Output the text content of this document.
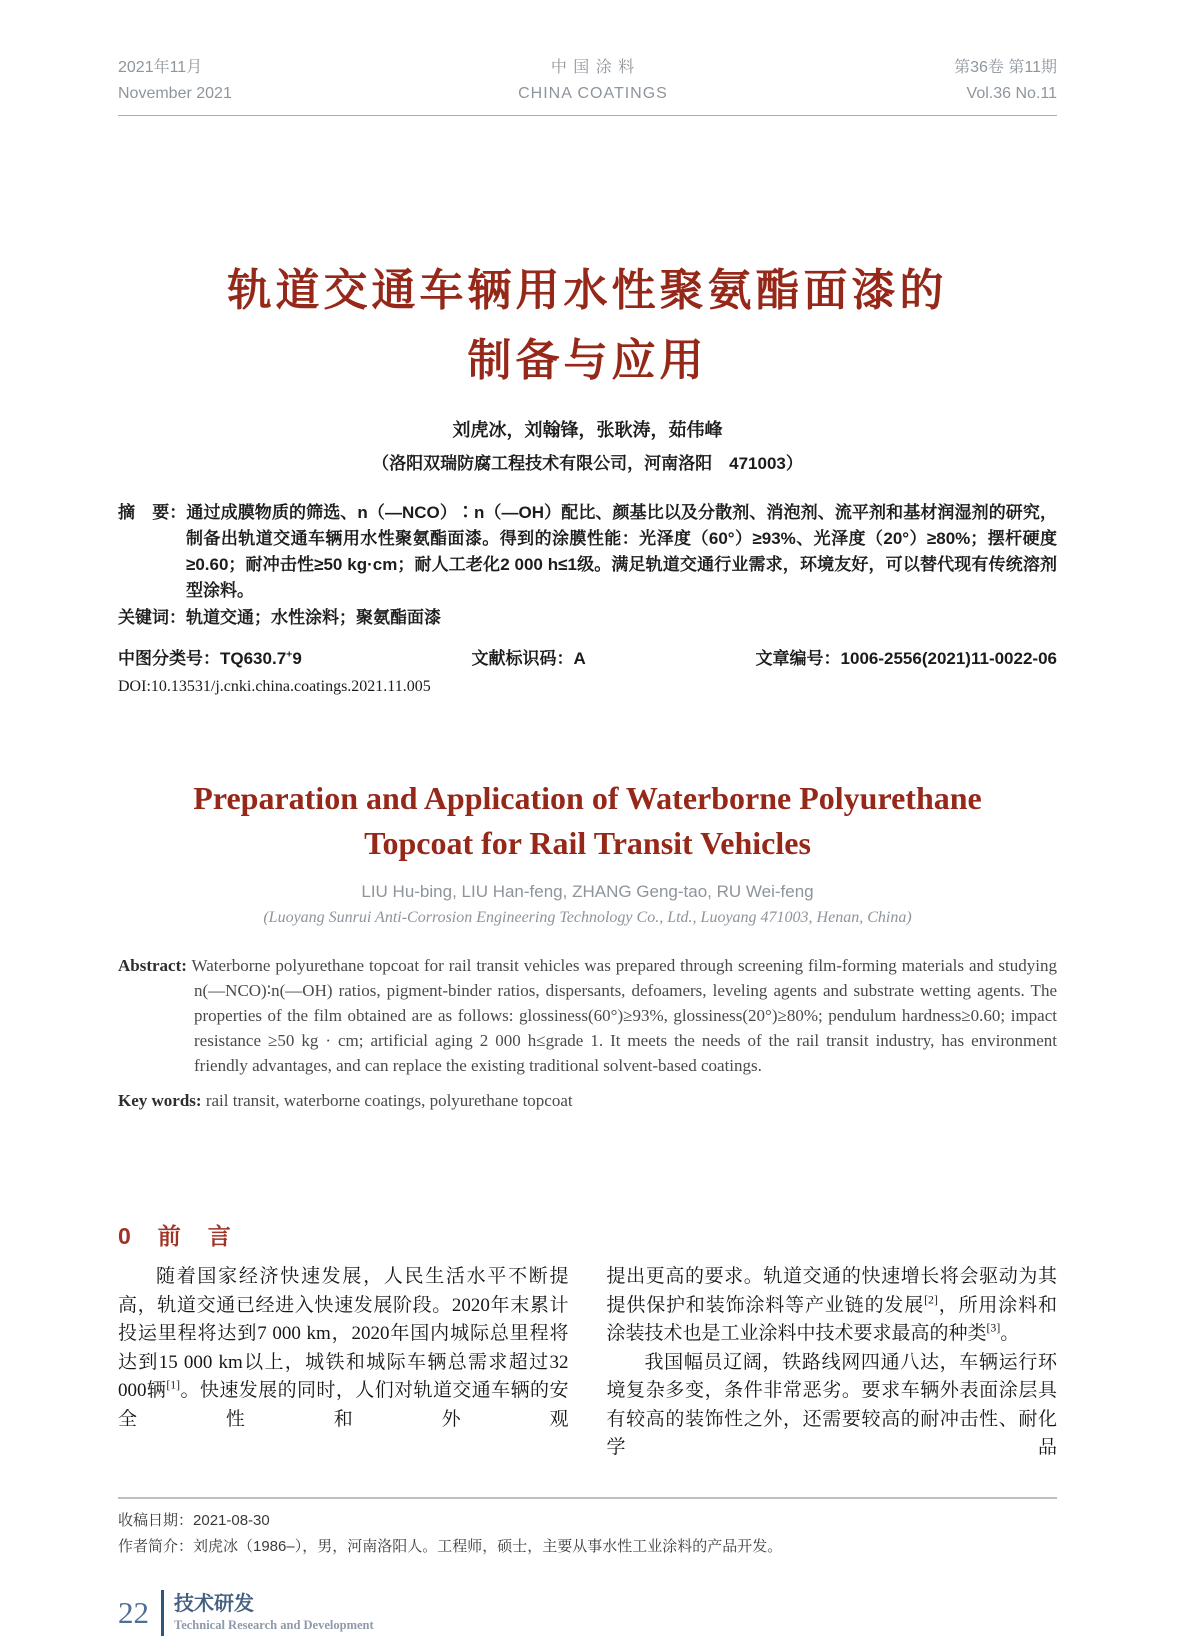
2021年11月
November 2021
中 国 涂 料
CHINA COATINGS
第36卷 第11期
Vol.36 No.11
轨道交通车辆用水性聚氨酯面漆的
制备与应用
刘虎冰，刘翰锋，张耿涛，茹伟峰
（洛阳双瑞防腐工程技术有限公司，河南洛阳　471003）
摘　要：通过成膜物质的筛选、n（—NCO）∶n（—OH）配比、颜基比以及分散剂、消泡剂、流平剂和基材润湿剂的研究，制备出轨道交通车辆用水性聚氨酯面漆。得到的涂膜性能：光泽度（60°）≥93%、光泽度（20°）≥80%；摆杆硬度≥0.60；耐冲击性≥50 kg·cm；耐人工老化2 000 h≤1级。满足轨道交通行业需求，环境友好，可以替代现有传统溶剂型涂料。
关键词：轨道交通；水性涂料；聚氨酯面漆
中图分类号：TQ630.7+9	文献标识码：A	文章编号：1006-2556(2021)11-0022-06
DOI:10.13531/j.cnki.china.coatings.2021.11.005
Preparation and Application of Waterborne Polyurethane
Topcoat for Rail Transit Vehicles
LIU Hu-bing, LIU Han-feng, ZHANG Geng-tao, RU Wei-feng
(Luoyang Sunrui Anti-Corrosion Engineering Technology Co., Ltd., Luoyang 471003, Henan, China)
Abstract: Waterborne polyurethane topcoat for rail transit vehicles was prepared through screening film-forming materials and studying n(—NCO)∶n(—OH) ratios, pigment-binder ratios, dispersants, defoamers, leveling agents and substrate wetting agents. The properties of the film obtained are as follows: glossiness(60°)≥93%, glossiness(20°)≥80%; pendulum hardness≥0.60; impact resistance ≥50 kg · cm; artificial aging 2 000 h≤grade 1. It meets the needs of the rail transit industry, has environment friendly advantages, and can replace the existing traditional solvent-based coatings.
Key words: rail transit, waterborne coatings, polyurethane topcoat
0　前　言

随着国家经济快速发展，人民生活水平不断提高，轨道交通已经进入快速发展阶段。2020年末累计投运里程将达到7 000 km，2020年国内城际总里程将达到15 000 km以上，城铁和城际车辆总需求超过32 000辆[1]。快速发展的同时，人们对轨道交通车辆的安全性和外观

提出更高的要求。轨道交通的快速增长将会驱动为其提供保护和装饰涂料等产业链的发展[2]，所用涂料和涂装技术也是工业涂料中技术要求最高的种类[3]。

我国幅员辽阔，铁路线网四通八达，车辆运行环境复杂多变，条件非常恶劣。要求车辆外表面涂层具有较高的装饰性之外，还需要较高的耐冲击性、耐化学品

收稿日期：2021-08-30
作者简介：刘虎冰（1986–），男，河南洛阳人。工程师，硕士，主要从事水性工业涂料的产品开发。
22 技术研发
Technical Research and Development
